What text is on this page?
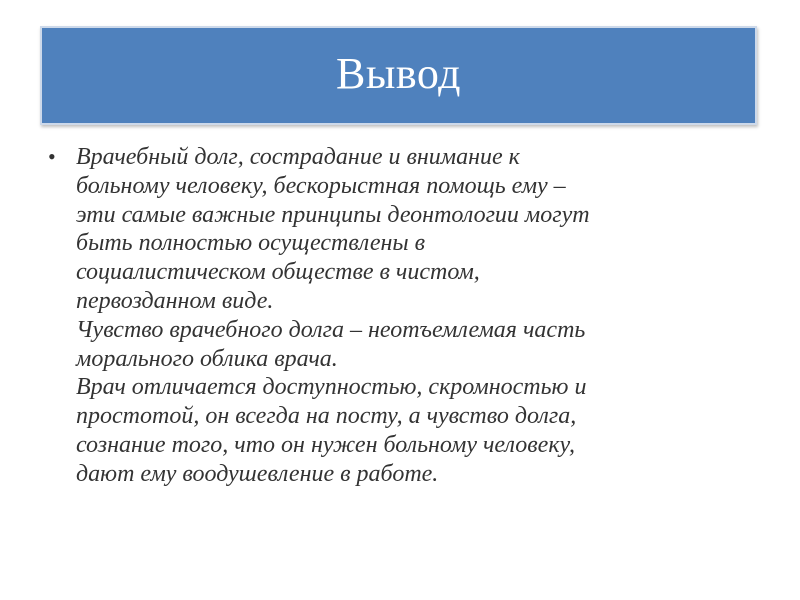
Вывод
• Врачебный долг, сострадание и внимание к
больному человеку, бескорыстная помощь ему –
эти самые важные принципы деонтологии могут
быть полностью осуществлены в
социалистическом обществе в чистом,
первозданном виде.

Чувство врачебного долга – неотъемлемая часть
морального облика врача.

Врач отличается доступностью, скромностью и
простотой, он всегда на посту, а чувство долга,
сознание того, что он нужен больному человеку,
дают ему воодушевление в работе.
